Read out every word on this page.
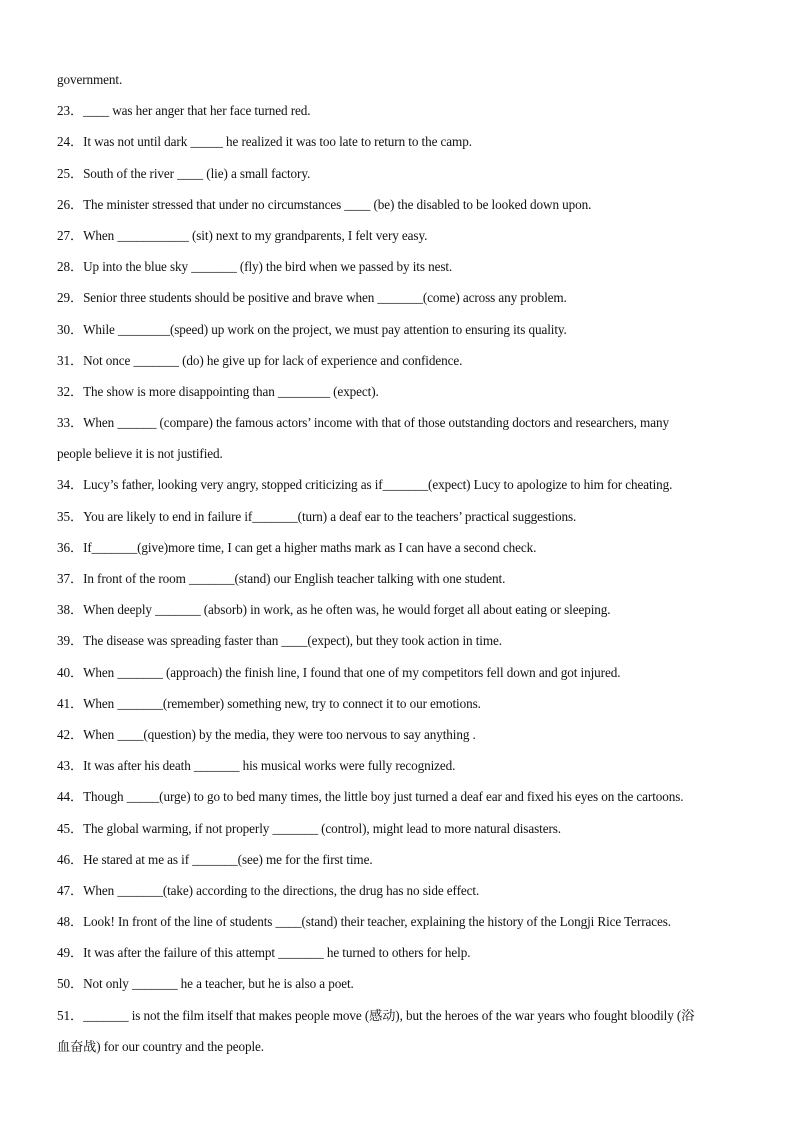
government.
23．____ was her anger that her face turned red.
24．It was not until dark _____ he realized it was too late to return to the camp.
25．South of the river ____ (lie) a small factory.
26．The minister stressed that under no circumstances ____ (be) the disabled to be looked down upon.
27．When ___________ (sit) next to my grandparents, I felt very easy.
28．Up into the blue sky _______ (fly) the bird when we passed by its nest.
29．Senior three students should be positive and brave when _______(come) across any problem.
30．While ________(speed) up work on the project, we must pay attention to ensuring its quality.
31．Not once _______ (do) he give up for lack of experience and confidence.
32．The show is more disappointing than ________ (expect).
33．When ______ (compare) the famous actors’ income with that of those outstanding doctors and researchers, many
people believe it is not justified.
34．Lucy’s father, looking very angry, stopped criticizing as if_______(expect) Lucy to apologize to him for cheating.
35．You are likely to end in failure if_______(turn) a deaf ear to the teachers’ practical suggestions.
36．If_______(give)more time, I can get a higher maths mark as I can have a second check.
37．In front of the room _______(stand) our English teacher talking with one student.
38．When deeply _______ (absorb) in work, as he often was, he would forget all about eating or sleeping.
39．The disease was spreading faster than ____(expect), but they took action in time.
40．When _______ (approach) the finish line, I found that one of my competitors fell down and got injured.
41．When _______(remember) something new, try to connect it to our emotions.
42．When ____(question) by the media, they were too nervous to say anything .
43．It was after his death _______ his musical works were fully recognized.
44．Though _____(urge) to go to bed many times, the little boy just turned a deaf ear and fixed his eyes on the cartoons.
45．The global warming, if not properly _______ (control), might lead to more natural disasters.
46．He stared at me as if _______(see) me for the first time.
47．When _______(take) according to the directions, the drug has no side effect.
48．Look! In front of the line of students ____(stand) their teacher, explaining the history of the Longji Rice Terraces.
49．It was after the failure of this attempt _______ he turned to others for help.
50．Not only _______ he a teacher, but he is also a poet.
51．_______ is not the film itself that makes people move (感动), but the heroes of the war years who fought bloodily (浴
血奋战) for our country and the people.
